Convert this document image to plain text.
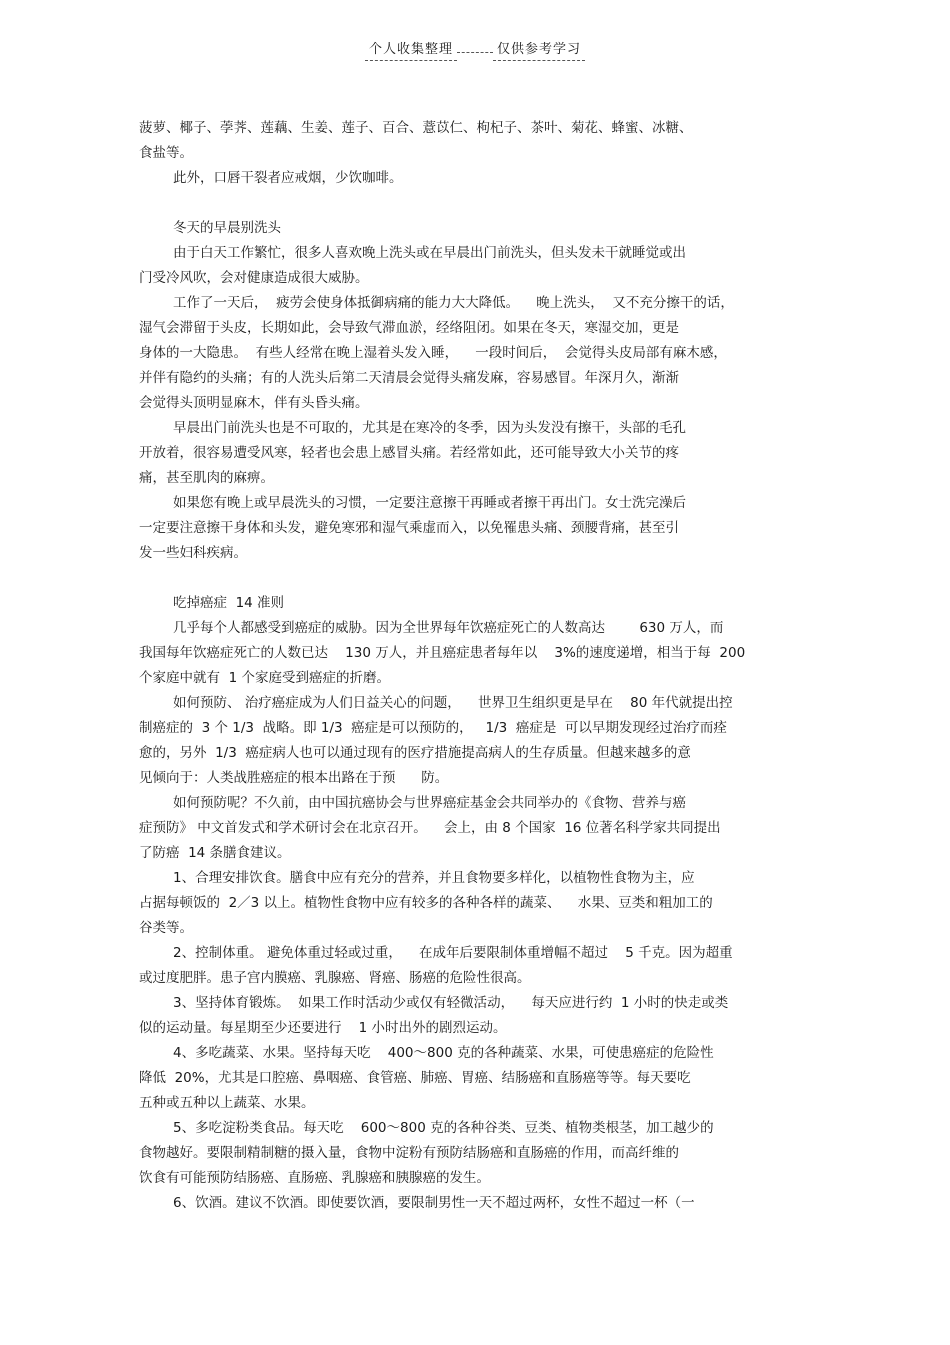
个人收集整理	仅供参考学习
菠萝、椰子、荸荠、莲藕、生姜、莲子、百合、薏苡仁、枸杞子、茶叶、菊花、蜂蜜、冰糖、
食盐等。
此外，口唇干裂者应戒烟，少饮咖啡。
冬天的早晨别洗头
由于白天工作繁忙，很多人喜欢晚上洗头或在早晨出门前洗头，但头发未干就睡觉或出
门受冷风吹，会对健康造成很大威胁。
工作了一天后，  疲劳会使身体抵御病痛的能力大大降低。    晚上洗头，  又不充分擦干的话，
湿气会滞留于头皮，长期如此，会导致气滞血淤，经络阻闭。如果在冬天，寒湿交加，更是
身体的一大隐患。  有些人经常在晚上湿着头发入睡，    一段时间后，  会觉得头皮局部有麻木感，
并伴有隐约的头痛；有的人洗头后第二天清晨会觉得头痛发麻，容易感冒。年深月久，渐渐
会觉得头顶明显麻木，伴有头昏头痛。
早晨出门前洗头也是不可取的，尤其是在寒冷的冬季，因为头发没有擦干，头部的毛孔
开放着，很容易遭受风寒，轻者也会患上感冒头痛。若经常如此，还可能导致大小关节的疼
痛，甚至肌肉的麻痹。
如果您有晚上或早晨洗头的习惯，一定要注意擦干再睡或者擦干再出门。女士洗完澡后
一定要注意擦干身体和头发，避免寒邪和湿气乘虚而入，以免罹患头痛、颈腰背痛，甚至引
发一些妇科疾病。
吃掉癌症  14 准则
几乎每个人都感受到癌症的威胁。因为全世界每年饮癌症死亡的人数高达        630 万人，而
我国每年饮癌症死亡的人数已达    130 万人，并且癌症患者每年以    3%的速度递增，相当于每  200
个家庭中就有  1 个家庭受到癌症的折磨。
如何预防、 治疗癌症成为人们日益关心的问题，    世界卫生组织更是早在    80 年代就提出控
制癌症的  3 个 1/3  战略。即 1/3  癌症是可以预防的，   1/3  癌症是  可以早期发现经过治疗而痊
愈的，另外  1/3  癌症病人也可以通过现有的医疗措施提高病人的生存质量。但越来越多的意
见倾向于：人类战胜癌症的根本出路在于预      防。
如何预防呢？不久前，由中国抗癌协会与世界癌症基金会共同举办的《食物、营养与癌
症预防》 中文首发式和学术研讨会在北京召开。    会上，由 8 个国家  16 位著名科学家共同提出
了防癌  14 条膳食建议。
1、合理安排饮食。膳食中应有充分的营养，并且食物要多样化，以植物性食物为主，应
占据每顿饭的  2／3 以上。植物性食物中应有较多的各种各样的蔬菜、    水果、豆类和粗加工的
谷类等。
2、控制体重。 避免体重过轻或过重，    在成年后要限制体重增幅不超过    5 千克。因为超重
或过度肥胖。患子宫内膜癌、乳腺癌、肾癌、肠癌的危险性很高。
3、坚持体育锻炼。  如果工作时活动少或仅有轻微活动，    每天应进行约  1 小时的快走或类
似的运动量。每星期至少还要进行    1 小时出外的剧烈运动。
4、多吃蔬菜、水果。坚持每天吃    400～800 克的各种蔬菜、水果，可使患癌症的危险性
降低  20%，尤其是口腔癌、鼻咽癌、食管癌、肺癌、胃癌、结肠癌和直肠癌等等。每天要吃
五种或五种以上蔬菜、水果。
5、多吃淀粉类食品。每天吃    600～800 克的各种谷类、豆类、植物类根茎，加工越少的
食物越好。要限制精制糖的摄入量，食物中淀粉有预防结肠癌和直肠癌的作用，而高纤维的
饮食有可能预防结肠癌、直肠癌、乳腺癌和胰腺癌的发生。
6、饮酒。建议不饮酒。即使要饮酒，要限制男性一天不超过两杯，女性不超过一杯（一
